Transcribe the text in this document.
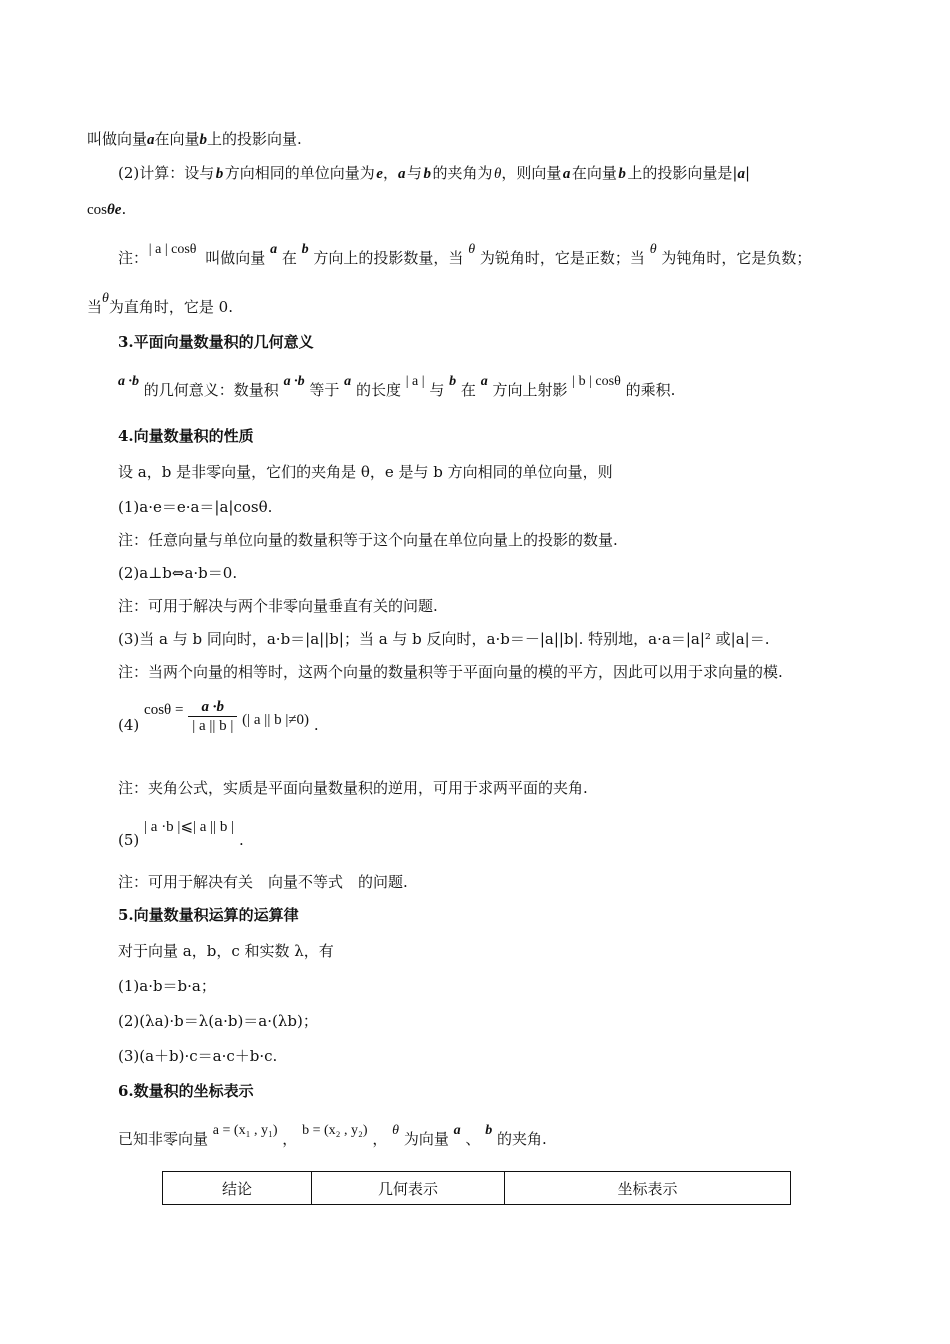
叫做向量a在向量b上的投影向量.
(2)计算：设与  b  方向相同的单位向量为  e，a  与  b  的夹角为  θ，则向量  a  在向量  b  上的投影向量是|a|
cosθe.
注： | a | cosθ 叫做向量 a 在 b 方向上的投影数量，当 θ 为锐角时，它是正数；当 θ 为钝角时，它是负数；
当θ为直角时，它是 0.
3.平面向量数量积的几何意义
a ·b 的几何意义：数量积 a ·b 等于 a 的长度 | a | 与 b 在 a 方向上射影 | b | cosθ 的乘积.
4.向量数量积的性质
设 a，b 是非零向量，它们的夹角是 θ，e 是与 b 方向相同的单位向量，则
(1)a·e＝e·a＝|a|cosθ.
注：任意向量与单位向量的数量积等于这个向量在单位向量上的投影的数量.
(2)a⊥b⇔a·b＝0.
注：可用于解决与两个非零向量垂直有关的问题.
(3)当 a 与 b 同向时，a·b＝|a||b|；当 a 与 b 反向时，a·b＝－|a||b|. 特别地，a·a＝|a|² 或|a|＝.
注：当两个向量的相等时，这两个向量的数量积等于平面向量的模的平方，因此可以用于求向量的模.
(4) $\cos\theta = \frac{a \cdot b}{| a || b |}$ (| a || b |≠0) .
注：夹角公式，实质是平面向量数量积的逆用，可用于求两平面的夹角.
(5) | a ·b |⩽| a || b | .
注：可用于解决有关　向量不等式　的问题.
5.向量数量积运算的运算律
对于向量 a，b，c 和实数 λ，有
(1)a·b＝b·a；
(2)(λa)·b＝λ(a·b)＝a·(λb)；
(3)(a＋b)·c＝a·c＋b·c.
6.数量积的坐标表示
已知非零向量 a = (x₁ , y₁) ， b = (x₂ , y₂) ， θ 为向量 a 、 b 的夹角.
结论	几何表示	坐标表示
